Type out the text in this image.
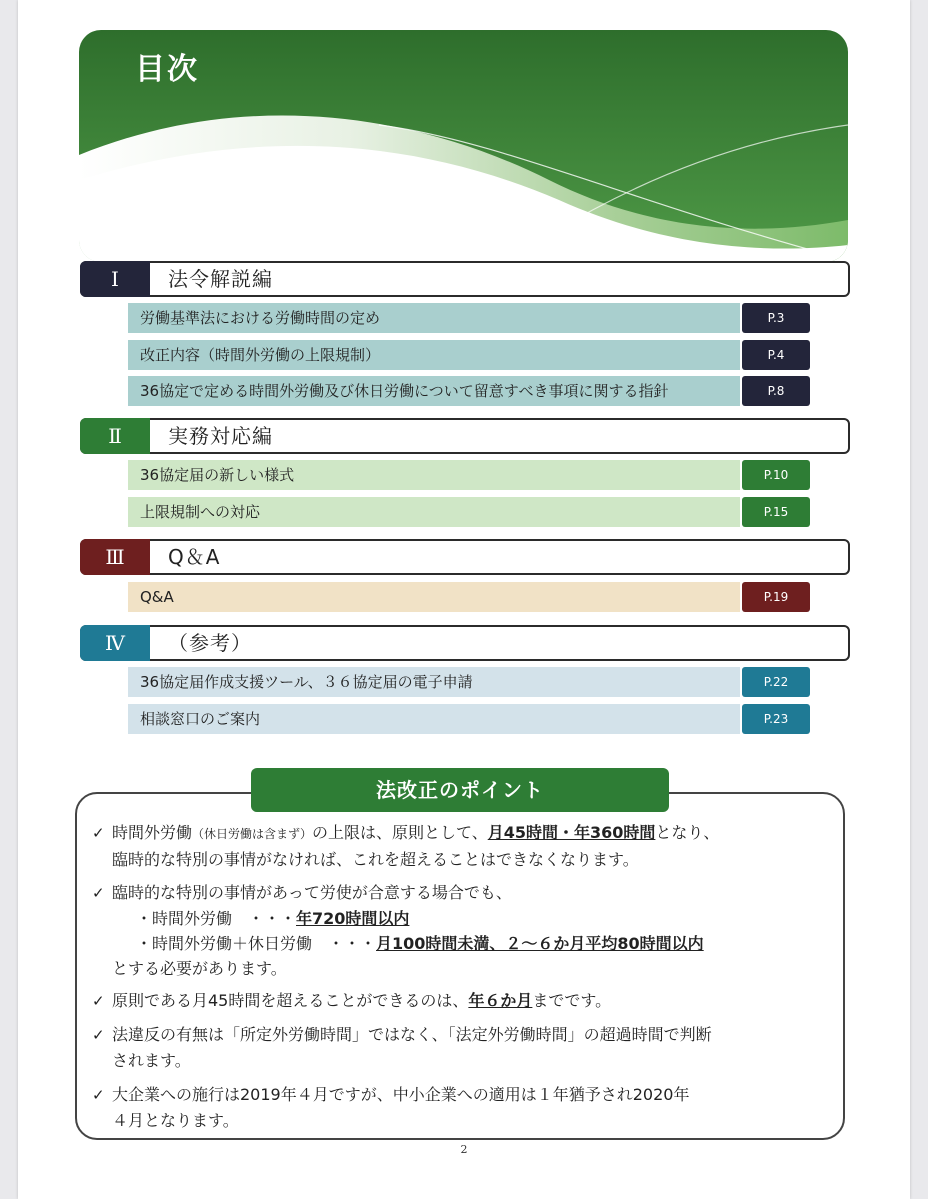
目次
Ⅰ	法令解説編
労働基準法における労働時間の定め	P.3
改正内容（時間外労働の上限規制）	P.4
36協定で定める時間外労働及び休日労働について留意すべき事項に関する指針	P.8
Ⅱ	実務対応編
36協定届の新しい様式	P.10
上限規制への対応	P.15
Ⅲ	Q＆A
Q&A	P.19
Ⅳ	（参考）
36協定届作成支援ツール、３６協定届の電子申請	P.22
相談窓口のご案内	P.23
法改正のポイント
✓ 時間外労働（休日労働は含まず）の上限は、原則として、月45時間・年360時間となり、
臨時的な特別の事情がなければ、これを超えることはできなくなります。
✓ 臨時的な特別の事情があって労使が合意する場合でも、
・時間外労働　・・・年720時間以内
・時間外労働＋休日労働　・・・月100時間未満、２～６か月平均80時間以内
とする必要があります。
✓ 原則である月45時間を超えることができるのは、年６か月までです。
✓ 法違反の有無は「所定外労働時間」ではなく、「法定外労働時間」の超過時間で判断
されます。
✓ 大企業への施行は2019年４月ですが、中小企業への適用は１年猶予され2020年
４月となります。
2
